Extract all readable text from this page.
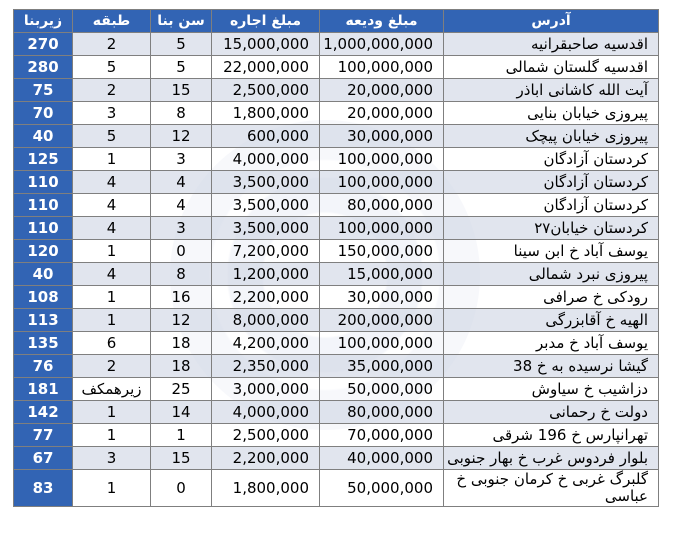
زیربنا	طبقه	سن بنا	مبلغ اجاره	مبلغ ودیعه	آدرس
270	2	5	15,000,000	1,000,000,000	اقدسیه صاحبقرانیه
280	5	5	22,000,000	100,000,000	اقدسیه گلستان شمالی
75	2	15	2,500,000	20,000,000	آیت الله کاشانی اباذر
70	3	8	1,800,000	20,000,000	پیروزی خیابان بنایی
40	5	12	600,000	30,000,000	پیروزی خیابان پیچک
125	1	3	4,000,000	100,000,000	کردستان آزادگان
110	4	4	3,500,000	100,000,000	کردستان آزادگان
110	4	4	3,500,000	80,000,000	کردستان آزادگان
110	4	3	3,500,000	100,000,000	کردستان خیابان۲۷
120	1	0	7,200,000	150,000,000	یوسف آباد خ ابن سینا
40	4	8	1,200,000	15,000,000	پیروزی نبرد شمالی
108	1	16	2,200,000	30,000,000	رودکی خ صرافی
113	1	12	8,000,000	200,000,000	الهیه خ آقابزرگی
135	6	18	4,200,000	100,000,000	یوسف آباد خ مدبر
76	2	18	2,350,000	35,000,000	گیشا نرسیده به خ 38
181	زیرهمکف	25	3,000,000	50,000,000	دزاشیب خ سیاوش
142	1	14	4,000,000	80,000,000	دولت خ رحمانی
77	1	1	2,500,000	70,000,000	تهرانپارس خ 196 شرقی
67	3	15	2,200,000	40,000,000	بلوار فردوس غرب خ بهار جنوبی
83	1	0	1,800,000	50,000,000	گلبرگ غربی خ کرمان جنوبی خ عباسی
